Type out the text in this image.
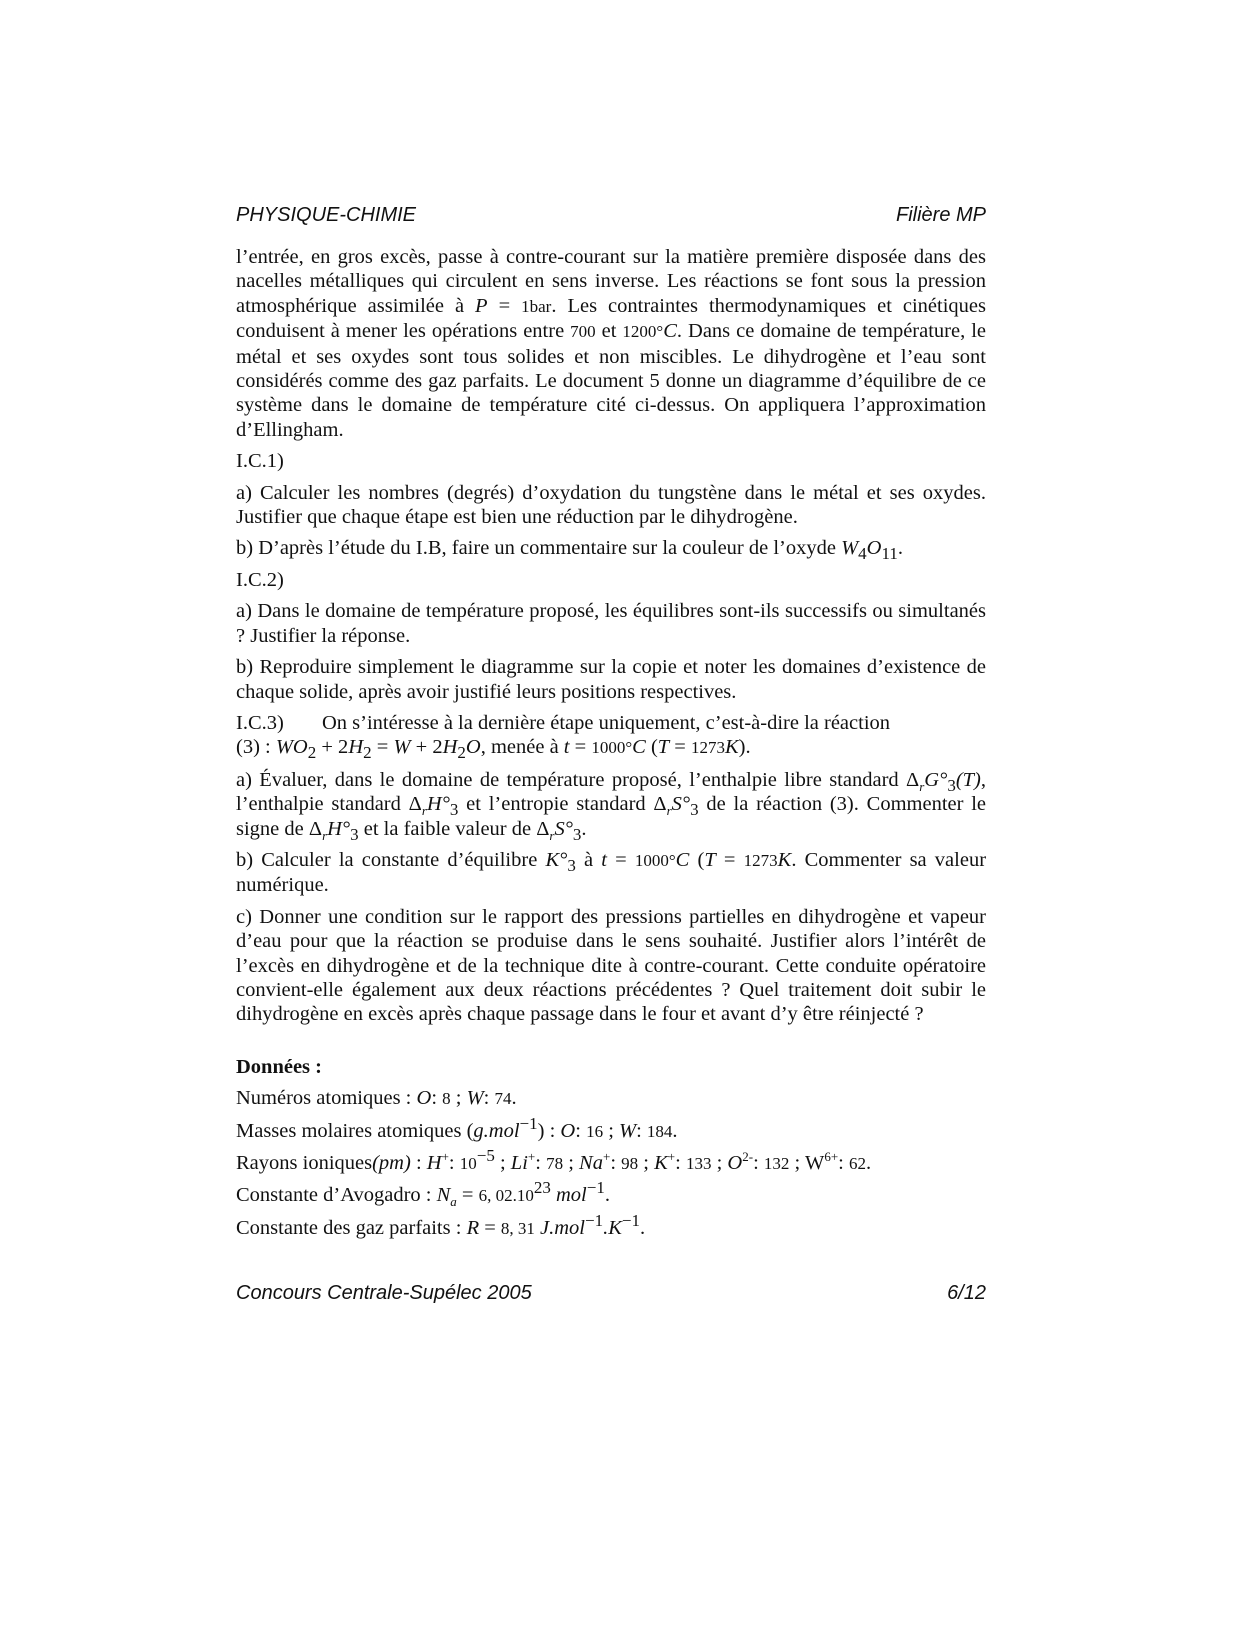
PHYSIQUE-CHIMIE	Filière MP

l’entrée, en gros excès, passe à contre-courant sur la matière première disposée dans des nacelles métalliques qui circulent en sens inverse. Les réactions se font sous la pression atmosphérique assimilée à P = 1bar. Les contraintes thermodynamiques et cinétiques conduisent à mener les opérations entre 700 et 1200°C. Dans ce domaine de température, le métal et ses oxydes sont tous solides et non miscibles. Le dihydrogène et l’eau sont considérés comme des gaz parfaits. Le document 5 donne un diagramme d’équilibre de ce système dans le domaine de température cité ci-dessus. On appliquera l’approximation d’Ellingham.

I.C.1)

a) Calculer les nombres (degrés) d’oxydation du tungstène dans le métal et ses oxydes. Justifier que chaque étape est bien une réduction par le dihydrogène.

b) D’après l’étude du I.B, faire un commentaire sur la couleur de l’oxyde $W_4O_{11}$.

I.C.2)

a) Dans le domaine de température proposé, les équilibres sont-ils successifs ou simultanés ? Justifier la réponse.

b) Reproduire simplement le diagramme sur la copie et noter les domaines d’existence de chaque solide, après avoir justifié leurs positions respectives.

I.C.3) On s’intéresse à la dernière étape uniquement, c’est-à-dire la réaction
(3) : $WO_2 + 2H_2 = W + 2H_2O$, menée à t = 1000°C (T = 1273K).

a) Évaluer, dans le domaine de température proposé, l’enthalpie libre standard $\Delta_rG^\circ_3(T)$, l’enthalpie standard $\Delta_rH^\circ_3$ et l’entropie standard $\Delta_rS^\circ_3$ de la réaction (3). Commenter le signe de $\Delta_rH^\circ_3$ et la faible valeur de $\Delta_rS^\circ_3$.

b) Calculer la constante d’équilibre $K^\circ_3$ à t = 1000°C (T = 1273K. Commenter sa valeur numérique.

c) Donner une condition sur le rapport des pressions partielles en dihydrogène et vapeur d’eau pour que la réaction se produise dans le sens souhaité. Justifier alors l’intérêt de l’excès en dihydrogène et de la technique dite à contre-courant. Cette conduite opératoire convient-elle également aux deux réactions précédentes ? Quel traitement doit subir le dihydrogène en excès après chaque passage dans le four et avant d’y être réinjecté ?

Données :

Numéros atomiques : O: 8 ; W: 74.

Masses molaires atomiques (g.mol$^{-1}$) : O: 16 ; W: 184.

Rayons ioniques(pm) : H+: $10^{-5}$ ; Li+: 78 ; Na+: 98 ; K+: 133 ; $O^{2-}$: 132 ; $W^{6+}$: 62.

Constante d’Avogadro : $N_a = 6$, 02.10$^{23}$ mol$^{-1}$.

Constante des gaz parfaits : R = 8, 31 $J.mol^{-1}.K^{-1}$.

Concours Centrale-Supélec 2005	6/12
